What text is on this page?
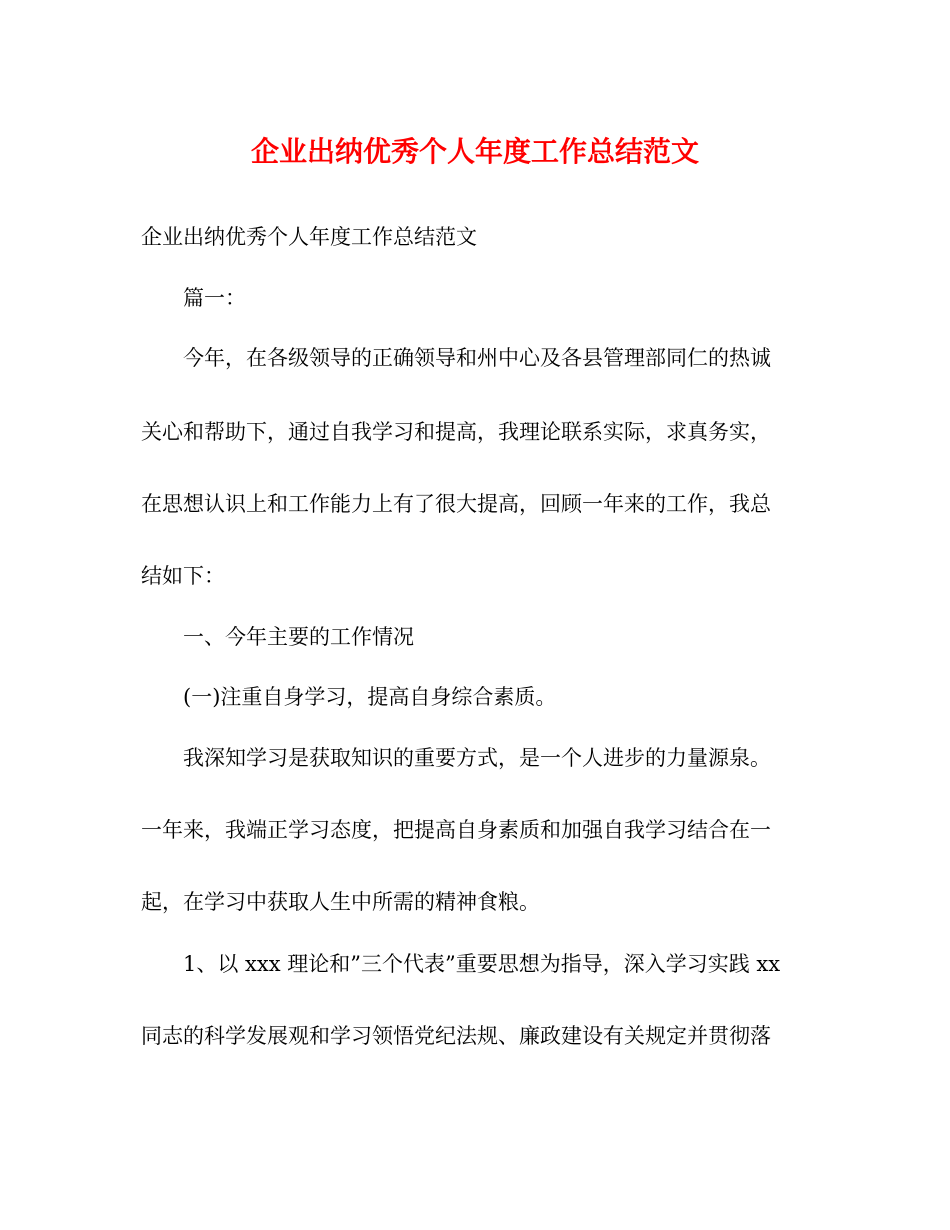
企业出纳优秀个人年度工作总结范文
企业出纳优秀个人年度工作总结范文
篇一：
今年，在各级领导的正确领导和州中心及各县管理部同仁的热诚
关心和帮助下，通过自我学习和提高，我理论联系实际，求真务实，
在思想认识上和工作能力上有了很大提高，回顾一年来的工作，我总
结如下：
一、今年主要的工作情况
(一)注重自身学习，提高自身综合素质。
我深知学习是获取知识的重要方式，是一个人进步的力量源泉。
一年来，我端正学习态度，把提高自身素质和加强自我学习结合在一
起，在学习中获取人生中所需的精神食粮。
1、以 xxx 理论和”三个代表”重要思想为指导，深入学习实践 xx
同志的科学发展观和学习领悟党纪法规、廉政建设有关规定并贯彻落
